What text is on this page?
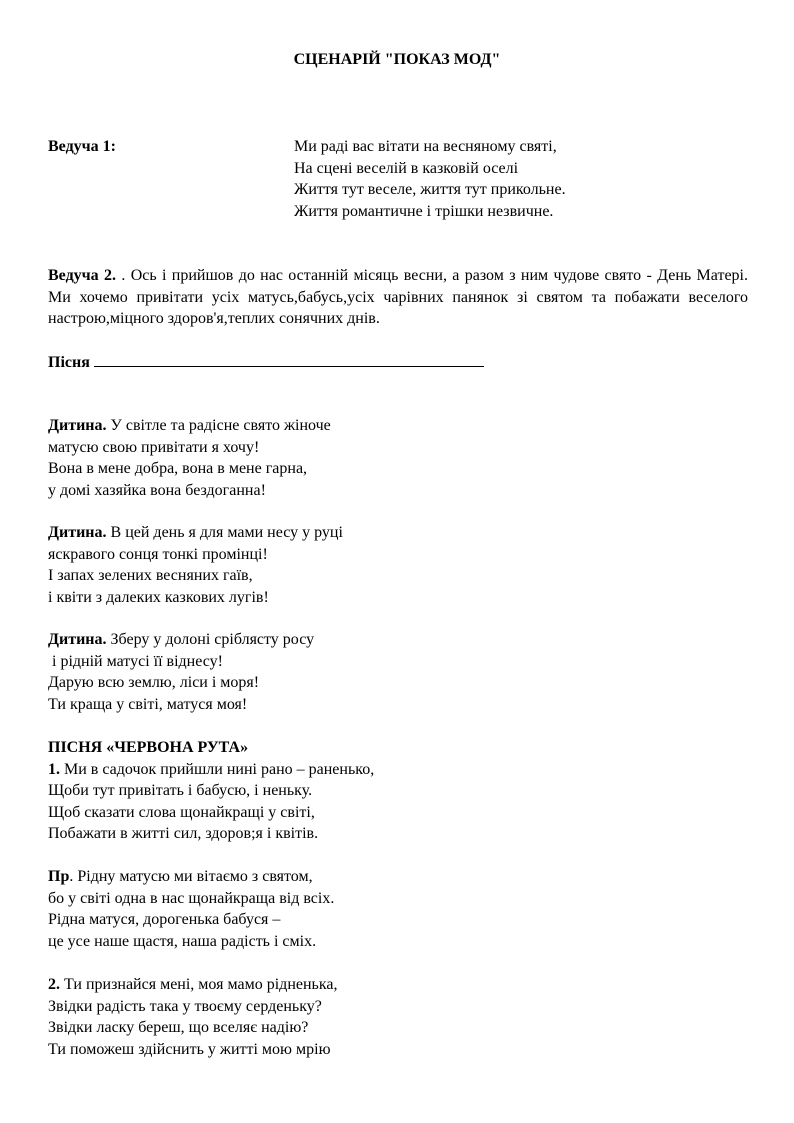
СЦЕНАРІЙ "ПОКАЗ МОД"
Ведуча 1:	Ми раді вас вітати на весняному святі,
На сцені веселій в казковій оселі
Життя тут веселе, життя тут прикольне.
Життя романтичне і трішки незвичне.
Ведуча 2. . Ось і прийшов до нас останній місяць весни, а разом з ним чудове свято - День Матері. Ми хочемо привітати усіх матусь,бабусь,усіх чарівних панянок зі святом та побажати веселого настрою,міцного здоров'я,теплих сонячних днів.
Пісня
Дитина. У світле та радісне свято жіноче
матусю свою привітати я хочу!
Вона в мене добра, вона в мене гарна,
у домі хазяйка вона бездоганна!
Дитина. В цей день я для мами несу у руці
яскравого сонця тонкі промінці!
І запах зелених весняних гаїв,
і квіти з далеких казкових лугів!
Дитина. Зберу у долоні сріблясту росу
і рідній матусі її віднесу!
Дарую всю землю, ліси і моря!
Ти краща у світі, матуся моя!
ПІСНЯ «ЧЕРВОНА РУТА»
1. Ми в садочок прийшли нині рано – раненько,
Щоби тут привітать і бабусю, і неньку.
Щоб сказати слова щонайкращі у світі,
Побажати в житті сил, здоров;я і квітів.
Пр. Рідну матусю ми вітаємо з святом,
бо у світі одна в нас щонайкраща від всіх.
Рідна матуся, дорогенька бабуся –
це усе наше щастя, наша радість і сміх.
2. Ти признайся мені, моя мамо рідненька,
Звідки радість така у твоєму серденьку?
Звідки ласку береш, що вселяє надію?
Ти поможеш здійснить у житті мою мрію
